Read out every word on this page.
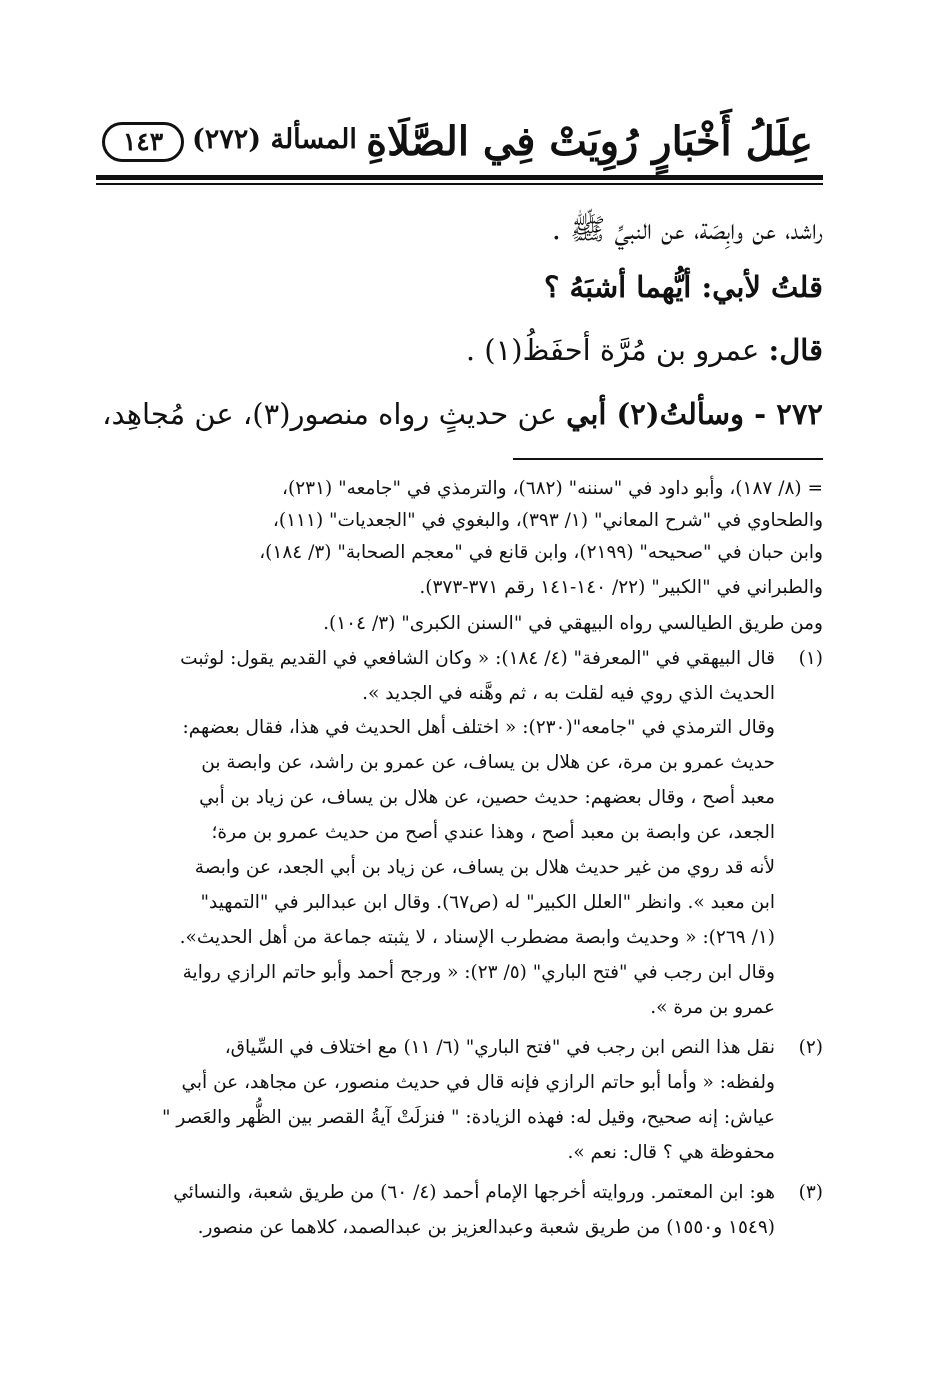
عِلَلُ أَخْبَارٍ رُوِيَتْ فِي الصَّلَاةِ
المسألة (٢٧٢)
١٤٣
راشد، عن وابِصَة، عن النبيِّ ﷺ .
قلتُ لأبي: أيُّهما أشبَهُ ؟
قال: عمرو بن مُرَّة أحفَظُ(١) .
٢٧٢ - وسألتُ(٢) أبي عن حديثٍ رواه منصور(٣)، عن مُجاهِد،
= (٨/ ١٨٧)، وأبو داود في "سننه" (٦٨٢)، والترمذي في "جامعه" (٢٣١)،
والطحاوي في "شرح المعاني" (١/ ٣٩٣)، والبغوي في "الجعديات" (١١١)،
وابن حبان في "صحيحه" (٢١٩٩)، وابن قانع في "معجم الصحابة" (٣/ ١٨٤)،
والطبراني في "الكبير" (٢٢/ ١٤٠-١٤١ رقم ٣٧١-٣٧٣).
ومن طريق الطيالسي رواه البيهقي في "السنن الكبرى" (٣/ ١٠٤).
(١)
قال البيهقي في "المعرفة" (٤/ ١٨٤): « وكان الشافعي في القديم يقول: لوثبت
الحديث الذي روي فيه لقلت به ، ثم وهَّنه في الجديد ».
وقال الترمذي في "جامعه"(٢٣٠): « اختلف أهل الحديث في هذا، فقال بعضهم:
حديث عمرو بن مرة، عن هلال بن يساف، عن عمرو بن راشد، عن وابصة بن
معبد أصح ، وقال بعضهم: حديث حصين، عن هلال بن يساف، عن زياد بن أبي
الجعد، عن وابصة بن معبد أصح ، وهذا عندي أصح من حديث عمرو بن مرة؛
لأنه قد روي من غير حديث هلال بن يساف، عن زياد بن أبي الجعد، عن وابصة
ابن معبد ». وانظر "العلل الكبير" له (ص٦٧). وقال ابن عبدالبر في "التمهيد"
(١/ ٢٦٩): « وحديث وابصة مضطرب الإسناد ، لا يثبته جماعة من أهل الحديث».
وقال ابن رجب في "فتح الباري" (٥/ ٢٣): « ورجح أحمد وأبو حاتم الرازي رواية
عمرو بن مرة ».
(٢)
نقل هذا النص ابن رجب في "فتح الباري" (٦/ ١١) مع اختلاف في السِّياق،
ولفظه: « وأما أبو حاتم الرازي فإنه قال في حديث منصور، عن مجاهد، عن أبي
عياش: إنه صحيح، وقيل له: فهذه الزيادة: " فنزلَتْ آيةُ القصر بين الظُّهر والعَصر "
محفوظة هي ؟ قال: نعم ».
(٣)
هو: ابن المعتمر. وروايته أخرجها الإمام أحمد (٤/ ٦٠) من طريق شعبة، والنسائي
(١٥٤٩ و١٥٥٠) من طريق شعبة وعبدالعزيز بن عبدالصمد، كلاهما عن منصور.
